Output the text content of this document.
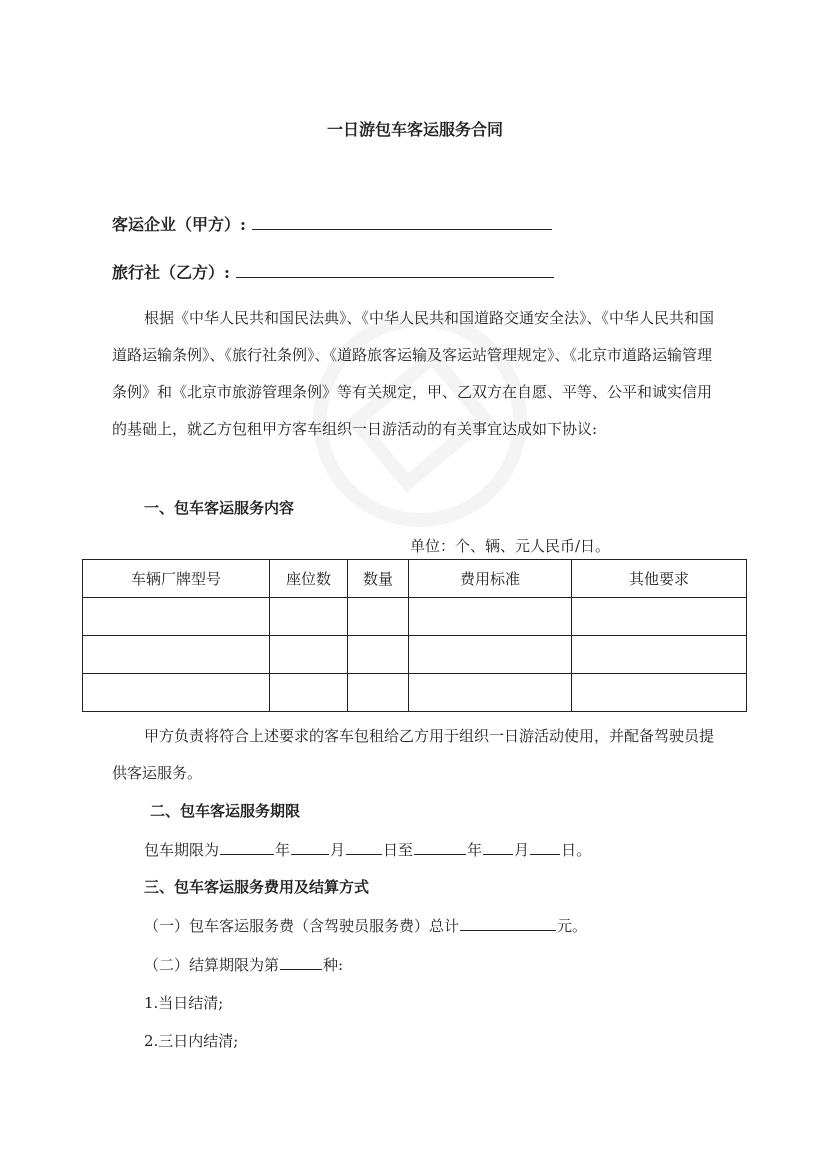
一日游包车客运服务合同
客运企业（甲方）:
旅行社（乙方）:
根据《中华人民共和国民法典》、《中华人民共和国道路交通安全法》、《中华人民共和国道路运输条例》、《旅行社条例》、《道路旅客运输及客运站管理规定》、《北京市道路运输管理条例》和《北京市旅游管理条例》等有关规定，甲、乙双方在自愿、平等、公平和诚实信用的基础上，就乙方包租甲方客车组织一日游活动的有关事宜达成如下协议:
一、包车客运服务内容
单位：个、辆、元人民币/日。
车辆厂牌型号	座位数	数量	费用标准	其他要求

甲方负责将符合上述要求的客车包租给乙方用于组织一日游活动使用，并配备驾驶员提供客运服务。
二、包车客运服务期限
包车期限为	年	月	日至	年 月 日。
三、包车客运服务费用及结算方式
（一）包车客运服务费（含驾驶员服务费）总计	元。
（二）结算期限为第	种:
1.当日结清;
2.三日内结清;
